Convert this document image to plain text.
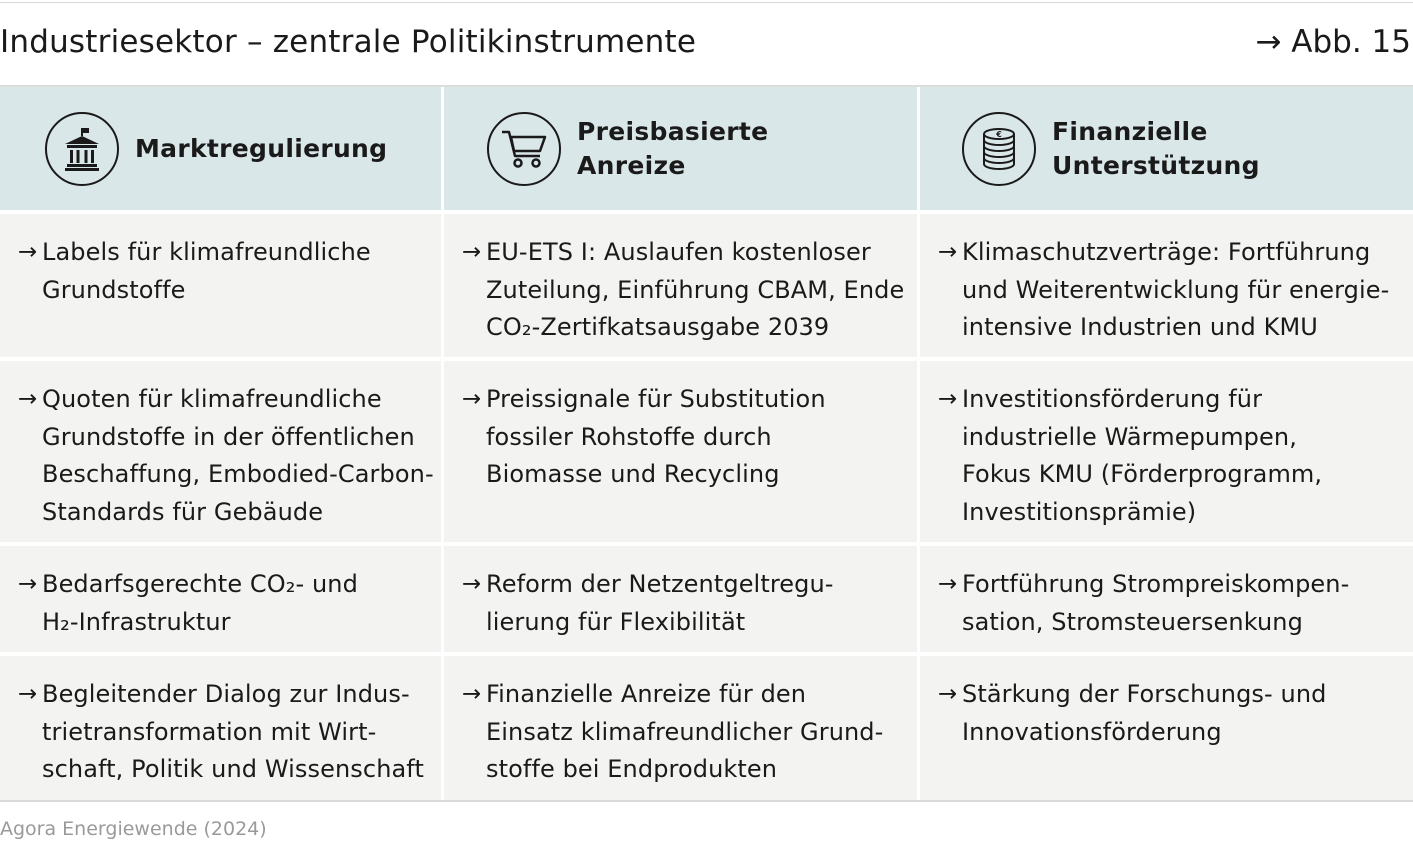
Industriesektor – zentrale Politikinstrumente	→ Abb. 15
Marktregulierung
Preisbasierte
Anreize
€ Finanzielle
Unterstützung
→ Labels für klimafreundliche
Grundstoffe
→ EU-ETS I: Auslaufen kostenloser
Zuteilung, Einführung CBAM, Ende
CO₂-Zertifkatsausgabe 2039
→ Klimaschutzverträge: Fortführung
und Weiterentwicklung für energie-
intensive Industrien und KMU
→ Quoten für klimafreundliche
Grundstoffe in der öffentlichen
Beschaffung, Embodied-Carbon-
Standards für Gebäude
→ Preissignale für Substitution
fossiler Rohstoffe durch
Biomasse und Recycling
→ Investitionsförderung für
industrielle Wärmepumpen,
Fokus KMU (Förderprogramm,
Investitionsprämie)
→ Bedarfsgerechte CO₂- und
H₂-Infrastruktur
→ Reform der Netzentgeltregu-
lierung für Flexibilität
→ Fortführung Strompreiskompen-
sation, Stromsteuersenkung
→ Begleitender Dialog zur Indus-
trietransformation mit Wirt-
schaft, Politik und Wissenschaft
→ Finanzielle Anreize für den
Einsatz klimafreundlicher Grund-
stoffe bei Endprodukten
→ Stärkung der Forschungs- und
Innovationsförderung
Agora Energiewende (2024)
